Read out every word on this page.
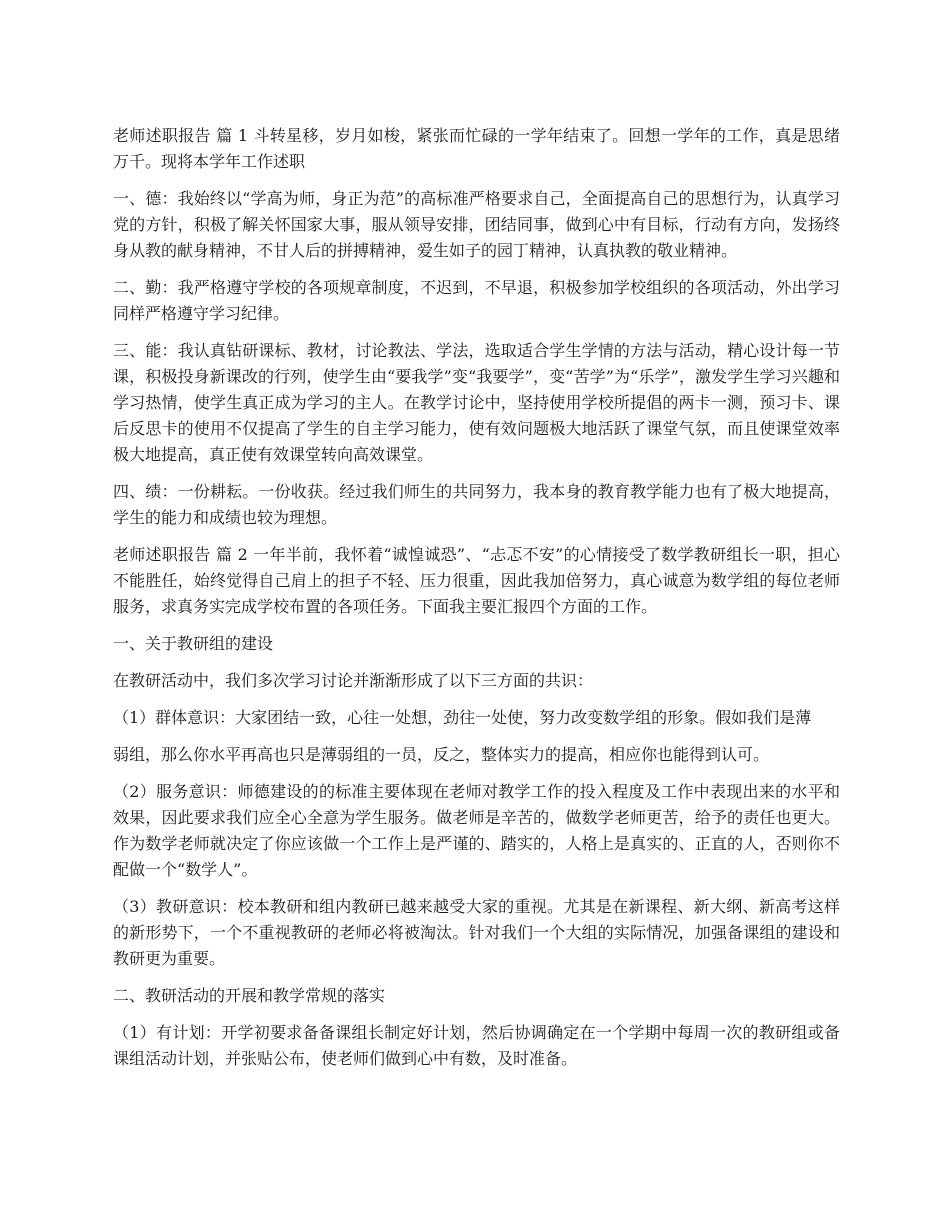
老师述职报告 篇 1 斗转星移，岁月如梭，紧张而忙碌的一学年结束了。回想一学年的工作，真是思绪万千。现将本学年工作述职

一、德：我始终以“学高为师，身正为范”的高标准严格要求自己，全面提高自己的思想行为，认真学习党的方针，积极了解关怀国家大事，服从领导安排，团结同事，做到心中有目标，行动有方向，发扬终身从教的献身精神，不甘人后的拼搏精神，爱生如子的园丁精神，认真执教的敬业精神。

二、勤：我严格遵守学校的各项规章制度，不迟到，不早退，积极参加学校组织的各项活动，外出学习同样严格遵守学习纪律。

三、能：我认真钻研课标、教材，讨论教法、学法，选取适合学生学情的方法与活动，精心设计每一节课，积极投身新课改的行列，使学生由“要我学”变“我要学”，变“苦学”为“乐学”，激发学生学习兴趣和学习热情，使学生真正成为学习的主人。在教学讨论中，坚持使用学校所提倡的两卡一测，预习卡、课后反思卡的使用不仅提高了学生的自主学习能力，使有效问题极大地活跃了课堂气氛，而且使课堂效率极大地提高，真正使有效课堂转向高效课堂。

四、绩：一份耕耘。一份收获。经过我们师生的共同努力，我本身的教育教学能力也有了极大地提高，学生的能力和成绩也较为理想。

老师述职报告 篇 2 一年半前，我怀着“诚惶诚恐”、“忐忑不安”的心情接受了数学教研组长一职，担心不能胜任，始终觉得自己肩上的担子不轻、压力很重，因此我加倍努力，真心诚意为数学组的每位老师服务，求真务实完成学校布置的各项任务。下面我主要汇报四个方面的工作。

一、关于教研组的建设

在教研活动中，我们多次学习讨论并渐渐形成了以下三方面的共识：

（1）群体意识：大家团结一致，心往一处想，劲往一处使，努力改变数学组的形象。假如我们是薄

弱组，那么你水平再高也只是薄弱组的一员，反之，整体实力的提高，相应你也能得到认可。

（2）服务意识：师德建设的的标准主要体现在老师对教学工作的投入程度及工作中表现出来的水平和效果，因此要求我们应全心全意为学生服务。做老师是辛苦的，做数学老师更苦，给予的责任也更大。作为数学老师就决定了你应该做一个工作上是严谨的、踏实的，人格上是真实的、正直的人，否则你不配做一个“数学人”。

（3）教研意识：校本教研和组内教研已越来越受大家的重视。尤其是在新课程、新大纲、新高考这样的新形势下，一个不重视教研的老师必将被淘汰。针对我们一个大组的实际情况，加强备课组的建设和教研更为重要。

二、教研活动的开展和教学常规的落实

（1）有计划：开学初要求备备课组长制定好计划，然后协调确定在一个学期中每周一次的教研组或备课组活动计划，并张贴公布，使老师们做到心中有数，及时准备。
